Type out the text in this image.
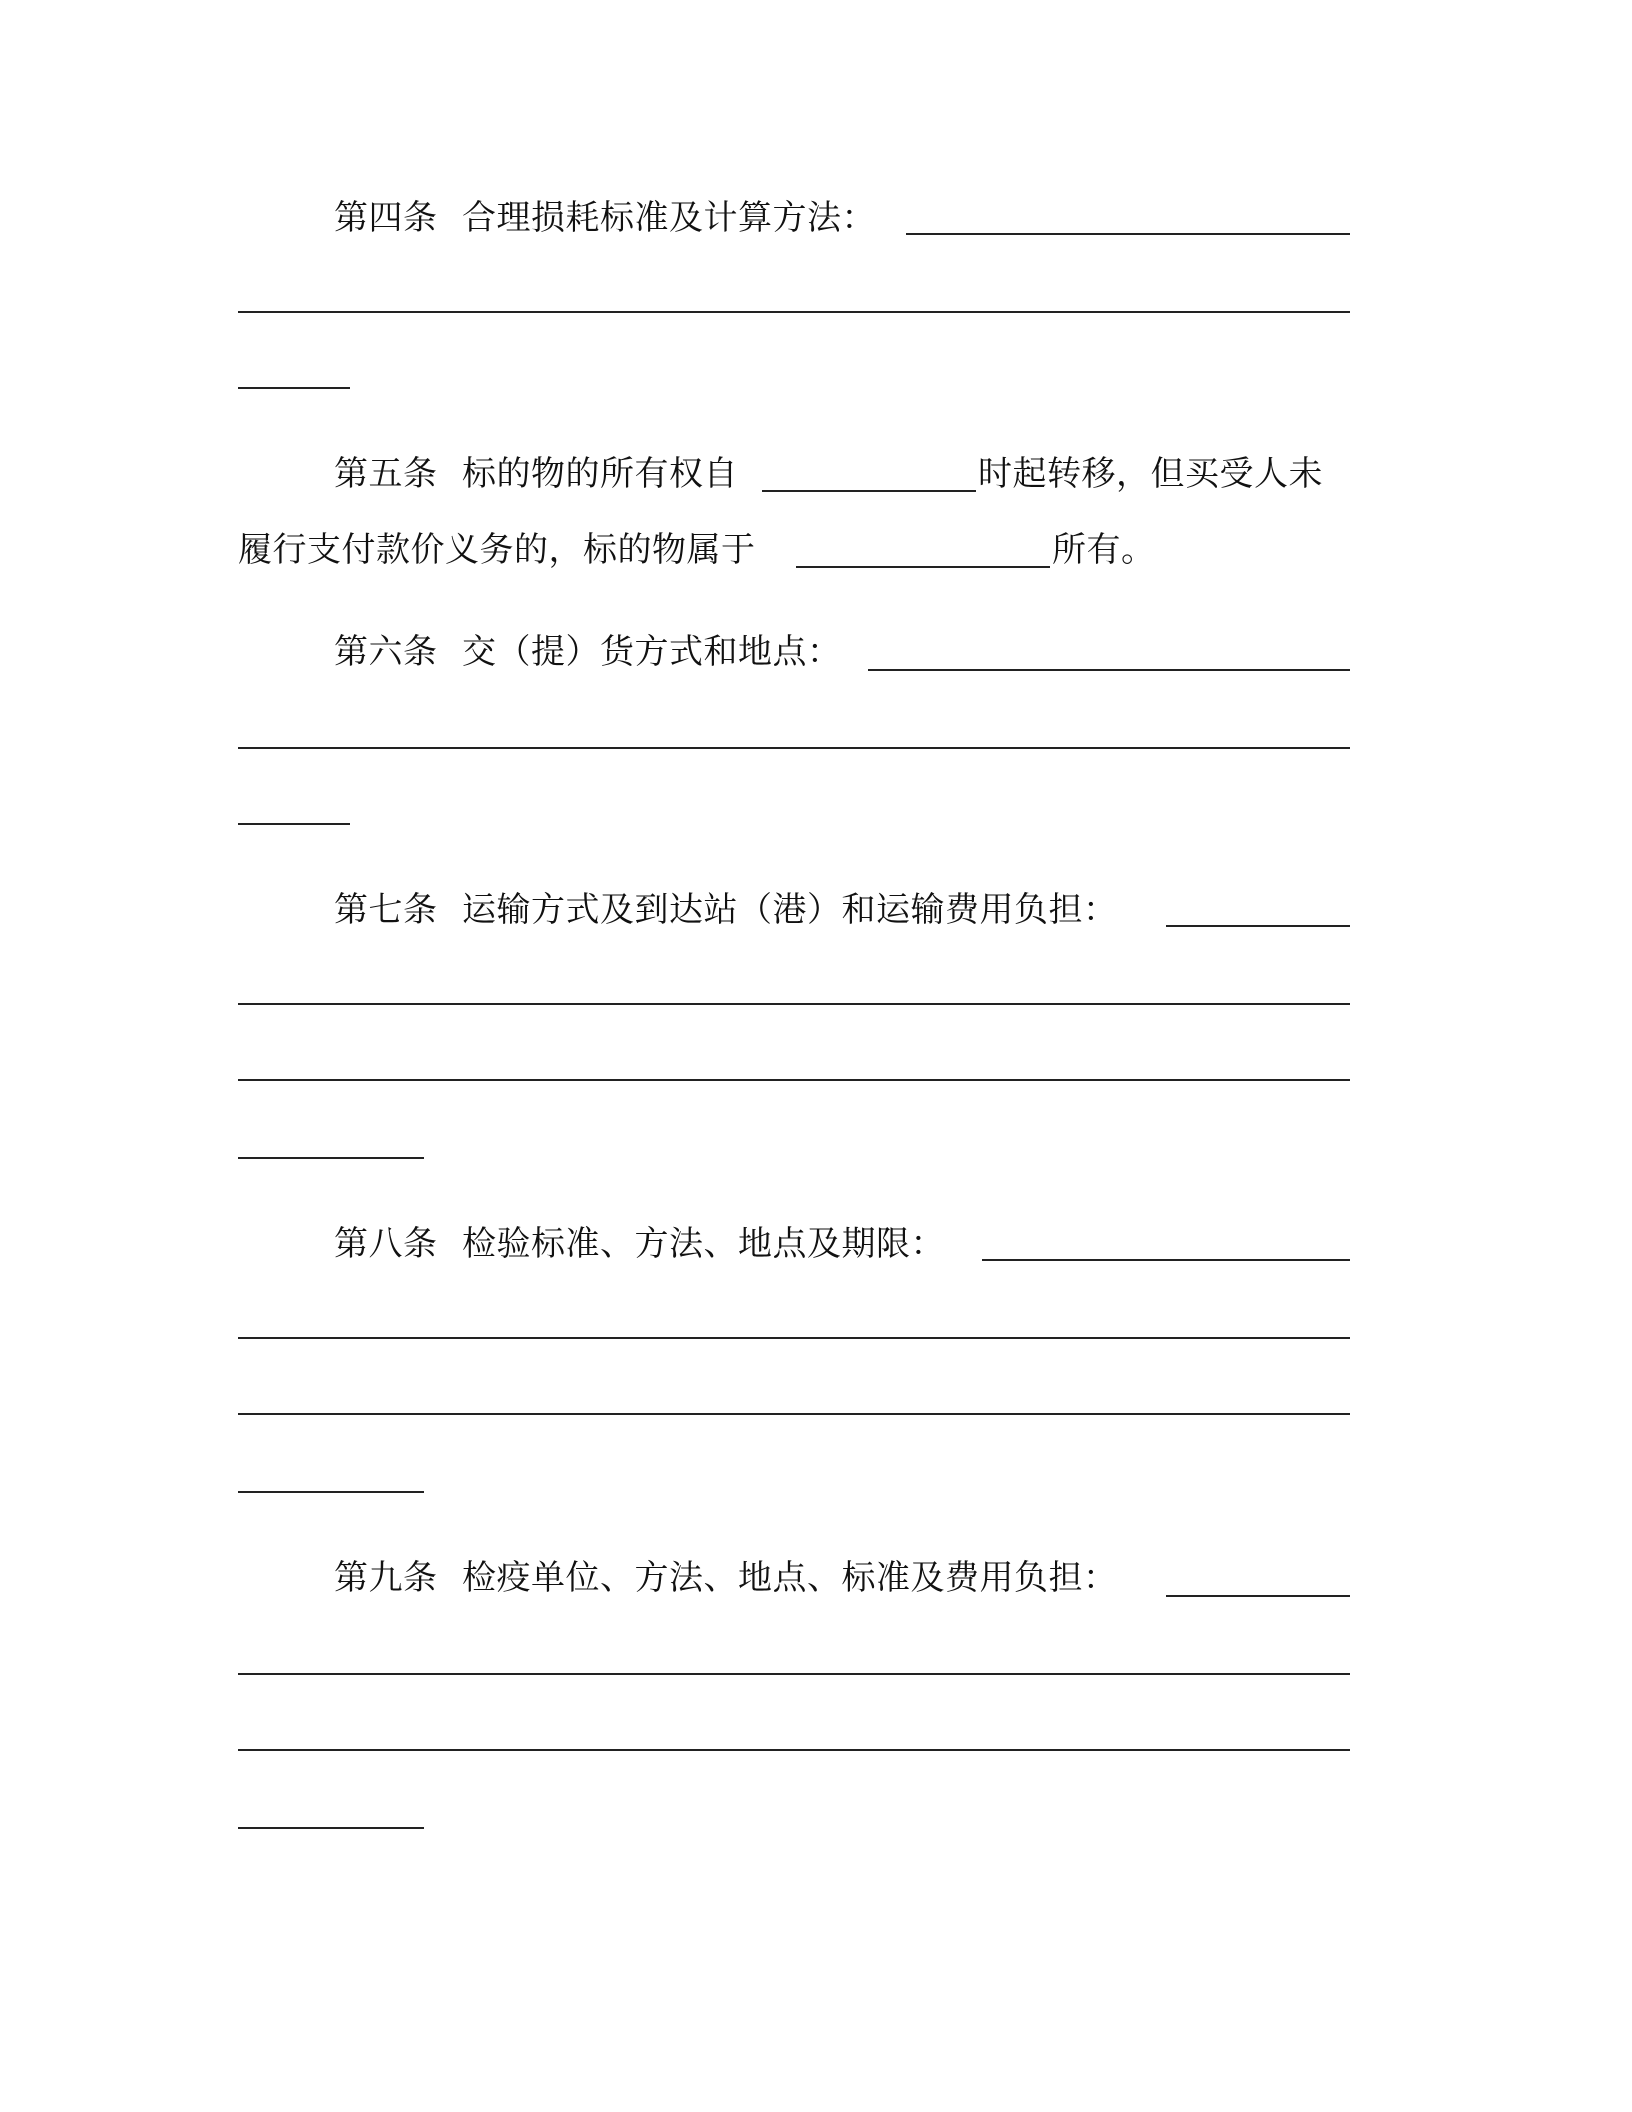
第四条 合理损耗标准及计算方法：
第五条 标的物的所有权自	时起转移，但买受人未
履行支付款价义务的，标的物属于	所有。
第六条 交（提）货方式和地点：
第七条 运输方式及到达站（港）和运输费用负担：
第八条 检验标准、方法、地点及期限：
第九条 检疫单位、方法、地点、标准及费用负担：
